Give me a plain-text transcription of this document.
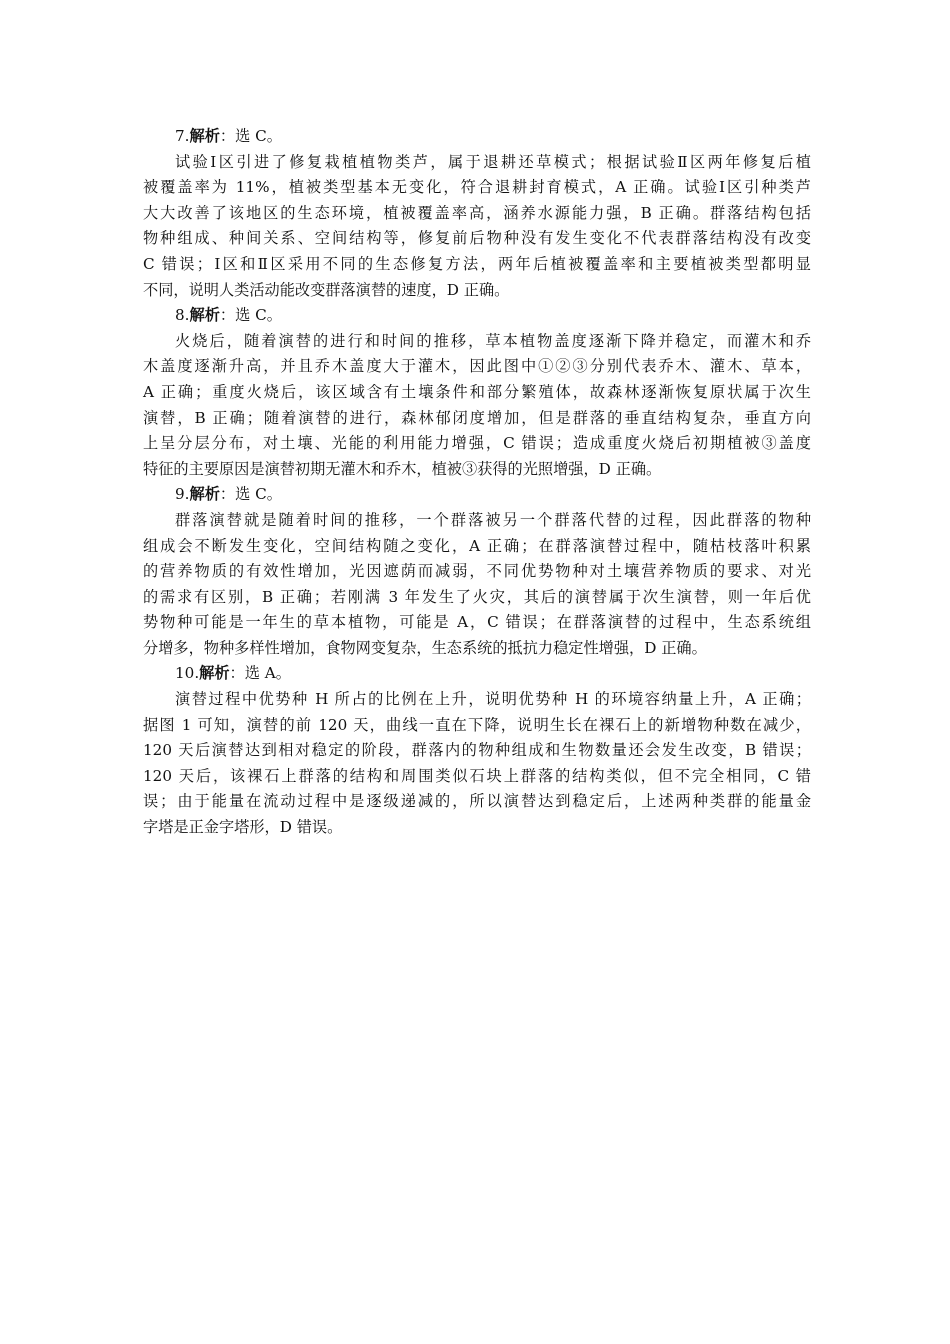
7.解析：选 C。
试验Ⅰ区引进了修复栽植植物类芦，属于退耕还草模式；根据试验Ⅱ区两年修复后植
被覆盖率为 11%，植被类型基本无变化，符合退耕封育模式，A 正确。试验Ⅰ区引种类芦
大大改善了该地区的生态环境，植被覆盖率高，涵养水源能力强，B 正确。群落结构包括
物种组成、种间关系、空间结构等，修复前后物种没有发生变化不代表群落结构没有改变
C 错误；Ⅰ区和Ⅱ区采用不同的生态修复方法，两年后植被覆盖率和主要植被类型都明显
不同，说明人类活动能改变群落演替的速度，D 正确。
8.解析：选 C。
火烧后，随着演替的进行和时间的推移，草本植物盖度逐渐下降并稳定，而灌木和乔
木盖度逐渐升高，并且乔木盖度大于灌木，因此图中①②③分别代表乔木、灌木、草本，
A 正确；重度火烧后，该区域含有土壤条件和部分繁殖体，故森林逐渐恢复原状属于次生
演替，B 正确；随着演替的进行，森林郁闭度增加，但是群落的垂直结构复杂，垂直方向
上呈分层分布，对土壤、光能的利用能力增强，C 错误；造成重度火烧后初期植被③盖度
特征的主要原因是演替初期无灌木和乔木，植被③获得的光照增强，D 正确。
9.解析：选 C。
群落演替就是随着时间的推移，一个群落被另一个群落代替的过程，因此群落的物种
组成会不断发生变化，空间结构随之变化，A 正确；在群落演替过程中，随枯枝落叶积累
的营养物质的有效性增加，光因遮荫而减弱，不同优势物种对土壤营养物质的要求、对光
的需求有区别，B 正确；若刚满 3 年发生了火灾，其后的演替属于次生演替，则一年后优
势物种可能是一年生的草本植物，可能是 A，C 错误；在群落演替的过程中，生态系统组
分增多，物种多样性增加，食物网变复杂，生态系统的抵抗力稳定性增强，D 正确。
10.解析：选 A。
演替过程中优势种 H 所占的比例在上升，说明优势种 H 的环境容纳量上升，A 正确；
据图 1 可知，演替的前 120 天，曲线一直在下降，说明生长在裸石上的新增物种数在减少，
120 天后演替达到相对稳定的阶段，群落内的物种组成和生物数量还会发生改变，B 错误；
120 天后，该裸石上群落的结构和周围类似石块上群落的结构类似，但不完全相同，C 错
误；由于能量在流动过程中是逐级递减的，所以演替达到稳定后，上述两种类群的能量金
字塔是正金字塔形，D 错误。
